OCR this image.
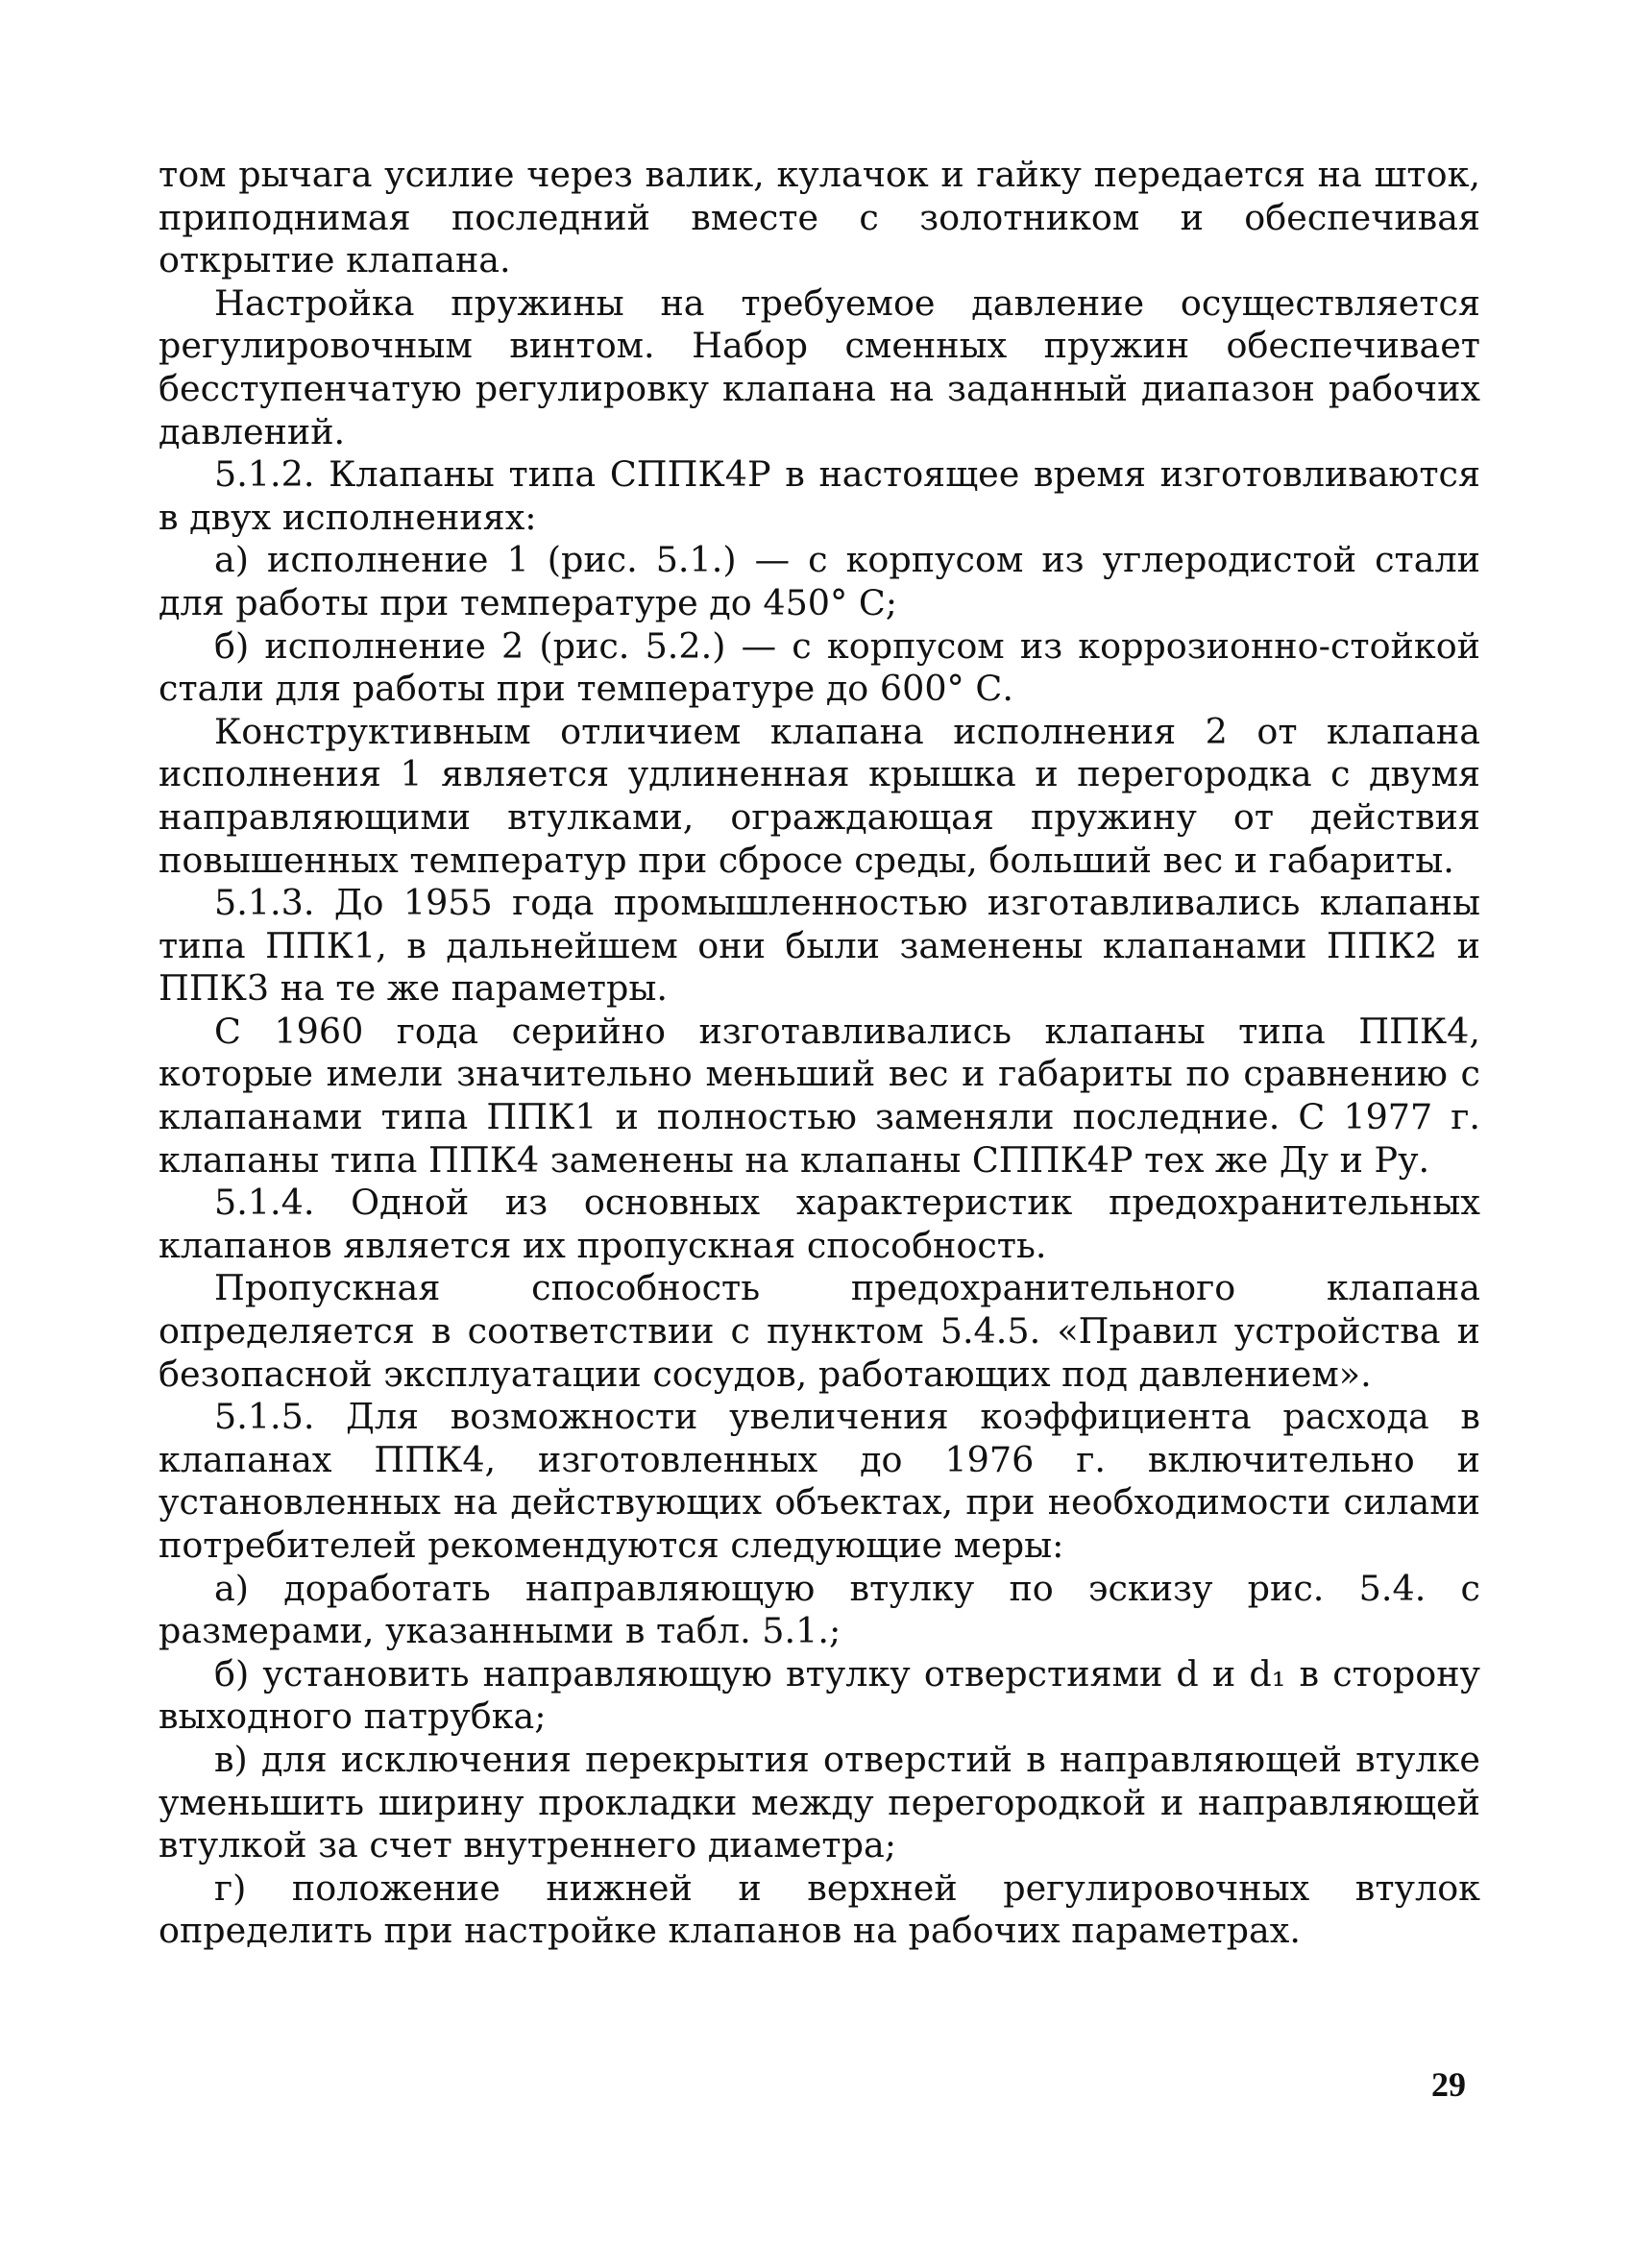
том рычага усилие через валик, кулачок и гайку передается на шток, приподнимая последний вместе с золотником и обеспечивая открытие клапана.

Настройка пружины на требуемое давление осуществляется регулировочным винтом. Набор сменных пружин обеспечивает бесступенчатую регулировку клапана на заданный диапазон рабочих давлений.

5.1.2. Клапаны типа СППК4Р в настоящее время изготовливаются в двух исполнениях:

а) исполнение 1 (рис. 5.1.) — с корпусом из углеродистой стали для работы при температуре до 450° С;

б) исполнение 2 (рис. 5.2.) — с корпусом из коррозионно-стойкой стали для работы при температуре до 600° С.

Конструктивным отличием клапана исполнения 2 от клапана исполнения 1 является удлиненная крышка и перегородка с двумя направляющими втулками, ограждающая пружину от действия повышенных температур при сбросе среды, больший вес и габариты.

5.1.3. До 1955 года промышленностью изготавливались клапаны типа ППК1, в дальнейшем они были заменены клапанами ППК2 и ППК3 на те же параметры.

С 1960 года серийно изготавливались клапаны типа ППК4, которые имели значительно меньший вес и габариты по сравнению с клапанами типа ППК1 и полностью заменяли последние. С 1977 г. клапаны типа ППК4 заменены на клапаны СППК4Р тех же Ду и Ру.

5.1.4. Одной из основных характеристик предохранительных клапанов является их пропускная способность.

Пропускная способность предохранительного клапана определяется в соответствии с пунктом 5.4.5. «Правил устройства и безопасной эксплуатации сосудов, работающих под давлением».

5.1.5. Для возможности увеличения коэффициента расхода в клапанах ППК4, изготовленных до 1976 г. включительно и установленных на действующих объектах, при необходимости силами потребителей рекомендуются следующие меры:

а) доработать направляющую втулку по эскизу рис. 5.4. с размерами, указанными в табл. 5.1.;

б) установить направляющую втулку отверстиями d и d₁ в сторону выходного патрубка;

в) для исключения перекрытия отверстий в направляющей втулке уменьшить ширину прокладки между перегородкой и направляющей втулкой за счет внутреннего диаметра;

г) положение нижней и верхней регулировочных втулок определить при настройке клапанов на рабочих параметрах.

29
